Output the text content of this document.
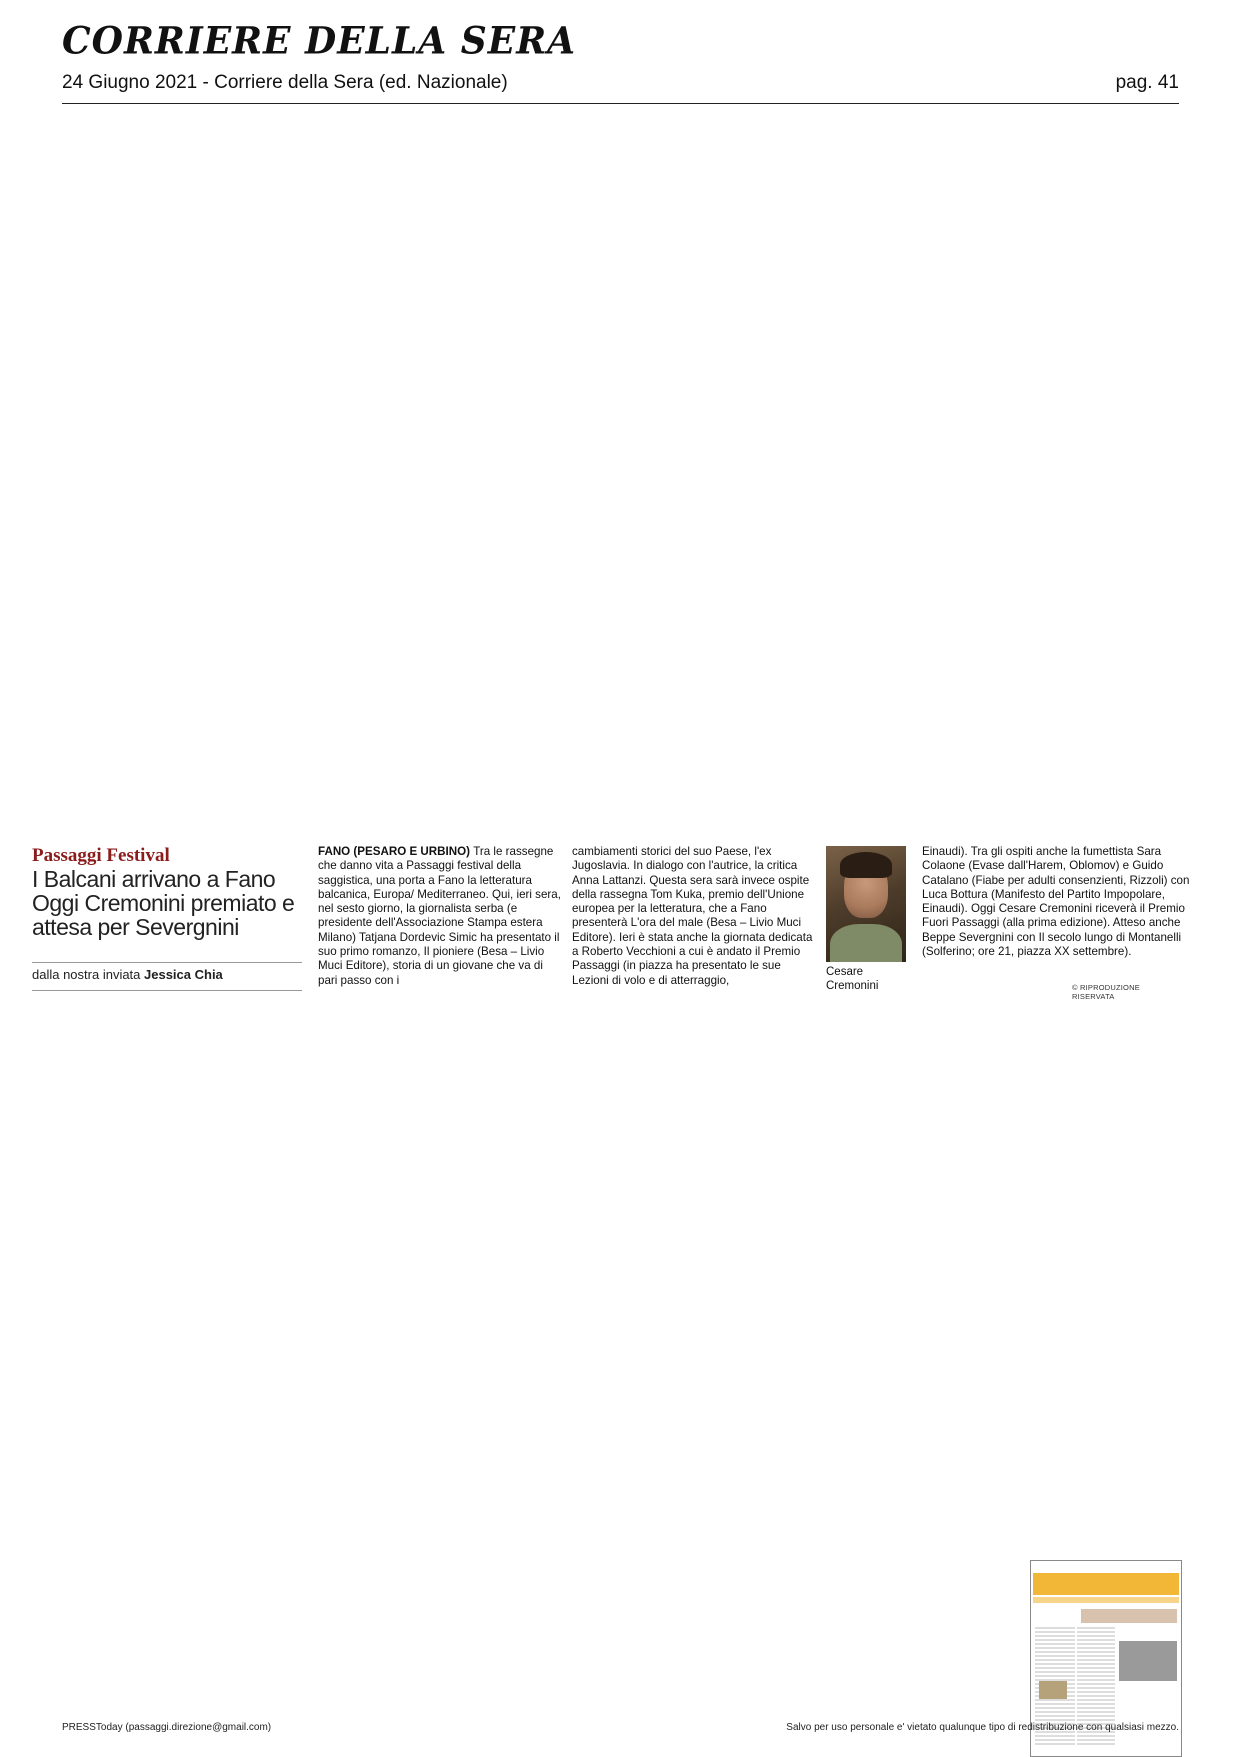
CORRIERE DELLA SERA
24 Giugno 2021 - Corriere della Sera (ed. Nazionale)	pag. 41
Passaggi Festival
I Balcani arrivano a Fano Oggi Cremonini premiato e attesa per Severgnini
dalla nostra inviata Jessica Chia
FANO (PESARO E URBINO) Tra le rassegne che danno vita a Passaggi festival della saggistica, una porta a Fano la letteratura balcanica, Europa/ Mediterraneo. Qui, ieri sera, nel sesto giorno, la giornalista serba (e presidente dell'Associazione Stampa estera Milano) Tatjana Dordevic Simic ha presentato il suo primo romanzo, Il pioniere (Besa – Livio Muci Editore), storia di un giovane che va di pari passo con i
cambiamenti storici del suo Paese, l'ex Jugoslavia. In dialogo con l'autrice, la critica Anna Lattanzi. Questa sera sarà invece ospite della rassegna Tom Kuka, premio dell'Unione europea per la letteratura, che a Fano presenterà L'ora del male (Besa – Livio Muci Editore). Ieri è stata anche la giornata dedicata a Roberto Vecchioni a cui è andato il Premio Passaggi (in piazza ha presentato le sue Lezioni di volo e di atterraggio,
Cesare Cremonini
Einaudi). Tra gli ospiti anche la fumettista Sara Colaone (Evase dall'Harem, Oblomov) e Guido Catalano (Fiabe per adulti consenzienti, Rizzoli) con Luca Bottura (Manifesto del Partito Impopolare, Einaudi). Oggi Cesare Cremonini riceverà il Premio Fuori Passaggi (alla prima edizione). Atteso anche Beppe Severgnini con Il secolo lungo di Montanelli (Solferino; ore 21, piazza XX settembre).
© RIPRODUZIONE RISERVATA
PRESSToday (passaggi.direzione@gmail.com)	Salvo per uso personale e' vietato qualunque tipo di redistribuzione con qualsiasi mezzo.
